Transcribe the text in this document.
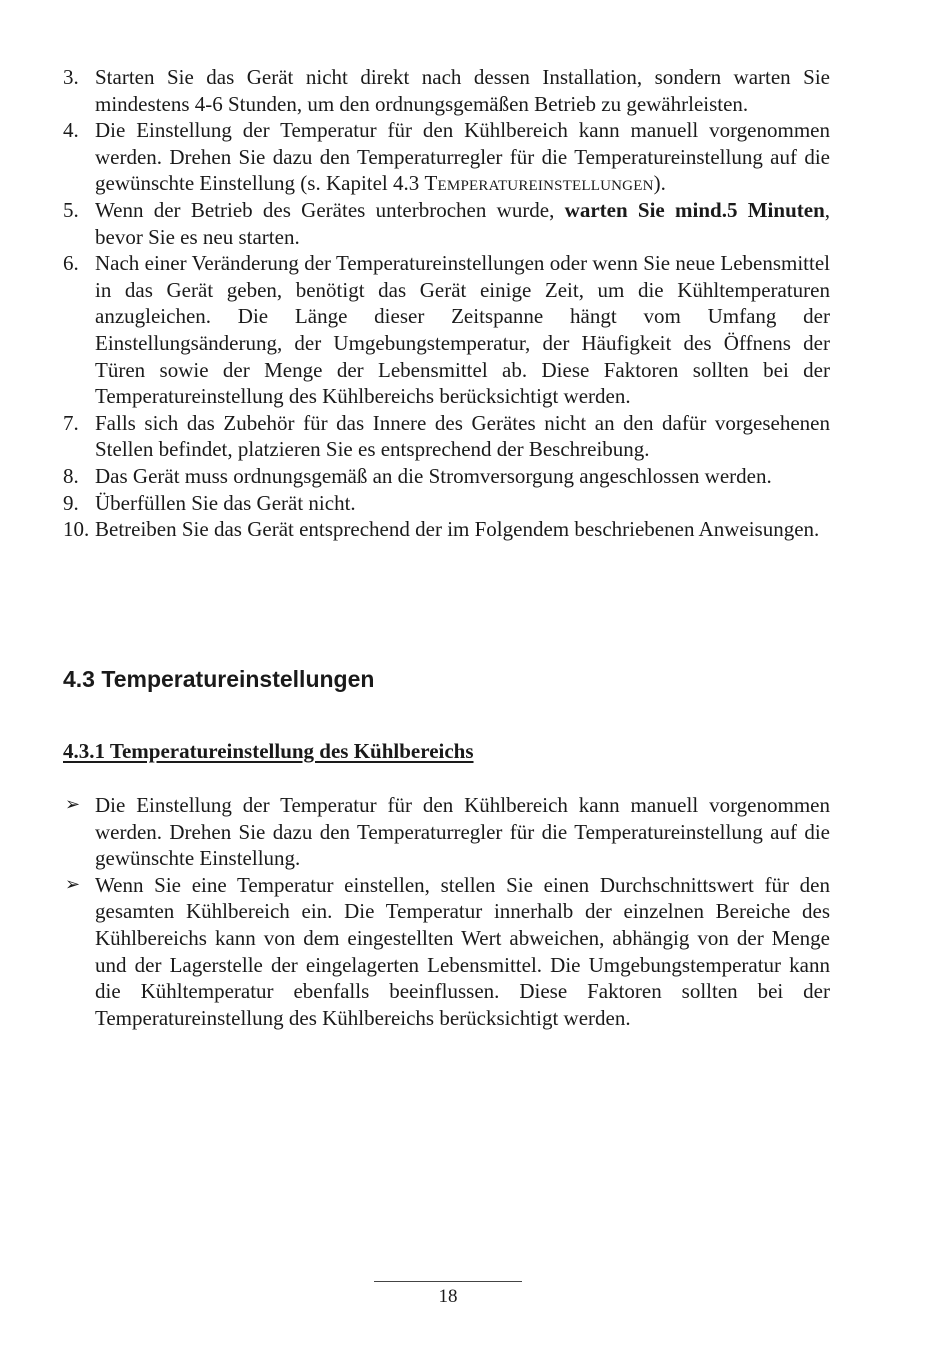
3. Starten Sie das Gerät nicht direkt nach dessen Installation, sondern warten Sie mindestens 4-6 Stunden, um den ordnungsgemäßen Betrieb zu gewährleisten.
4. Die Einstellung der Temperatur für den Kühlbereich kann manuell vorgenommen werden. Drehen Sie dazu den Temperaturregler für die Temperatureinstellung auf die gewünschte Einstellung (s. Kapitel 4.3 Temperatureinstellungen).
5. Wenn der Betrieb des Gerätes unterbrochen wurde, warten Sie mind.5 Minuten, bevor Sie es neu starten.
6. Nach einer Veränderung der Temperatureinstellungen oder wenn Sie neue Lebensmittel in das Gerät geben, benötigt das Gerät einige Zeit, um die Kühltemperaturen anzugleichen. Die Länge dieser Zeitspanne hängt vom Umfang der Einstellungsänderung, der Umgebungstemperatur, der Häufigkeit des Öffnens der Türen sowie der Menge der Lebensmittel ab. Diese Faktoren sollten bei der Temperatureinstellung des Kühlbereichs berücksichtigt werden.
7. Falls sich das Zubehör für das Innere des Gerätes nicht an den dafür vorgesehenen Stellen befindet, platzieren Sie es entsprechend der Beschreibung.
8. Das Gerät muss ordnungsgemäß an die Stromversorgung angeschlossen werden.
9. Überfüllen Sie das Gerät nicht.
10. Betreiben Sie das Gerät entsprechend der im Folgendem beschriebenen Anweisungen.
4.3 Temperatureinstellungen
4.3.1 Temperatureinstellung des Kühlbereichs
➢ Die Einstellung der Temperatur für den Kühlbereich kann manuell vorgenommen werden. Drehen Sie dazu den Temperaturregler für die Temperatureinstellung auf die gewünschte Einstellung.
➢ Wenn Sie eine Temperatur einstellen, stellen Sie einen Durchschnittswert für den gesamten Kühlbereich ein. Die Temperatur innerhalb der einzelnen Bereiche des Kühlbereichs kann von dem eingestellten Wert abweichen, abhängig von der Menge und der Lagerstelle der eingelagerten Lebensmittel. Die Umgebungstemperatur kann die Kühltemperatur ebenfalls beeinflussen. Diese Faktoren sollten bei der Temperatureinstellung des Kühlbereichs berücksichtigt werden.
18
